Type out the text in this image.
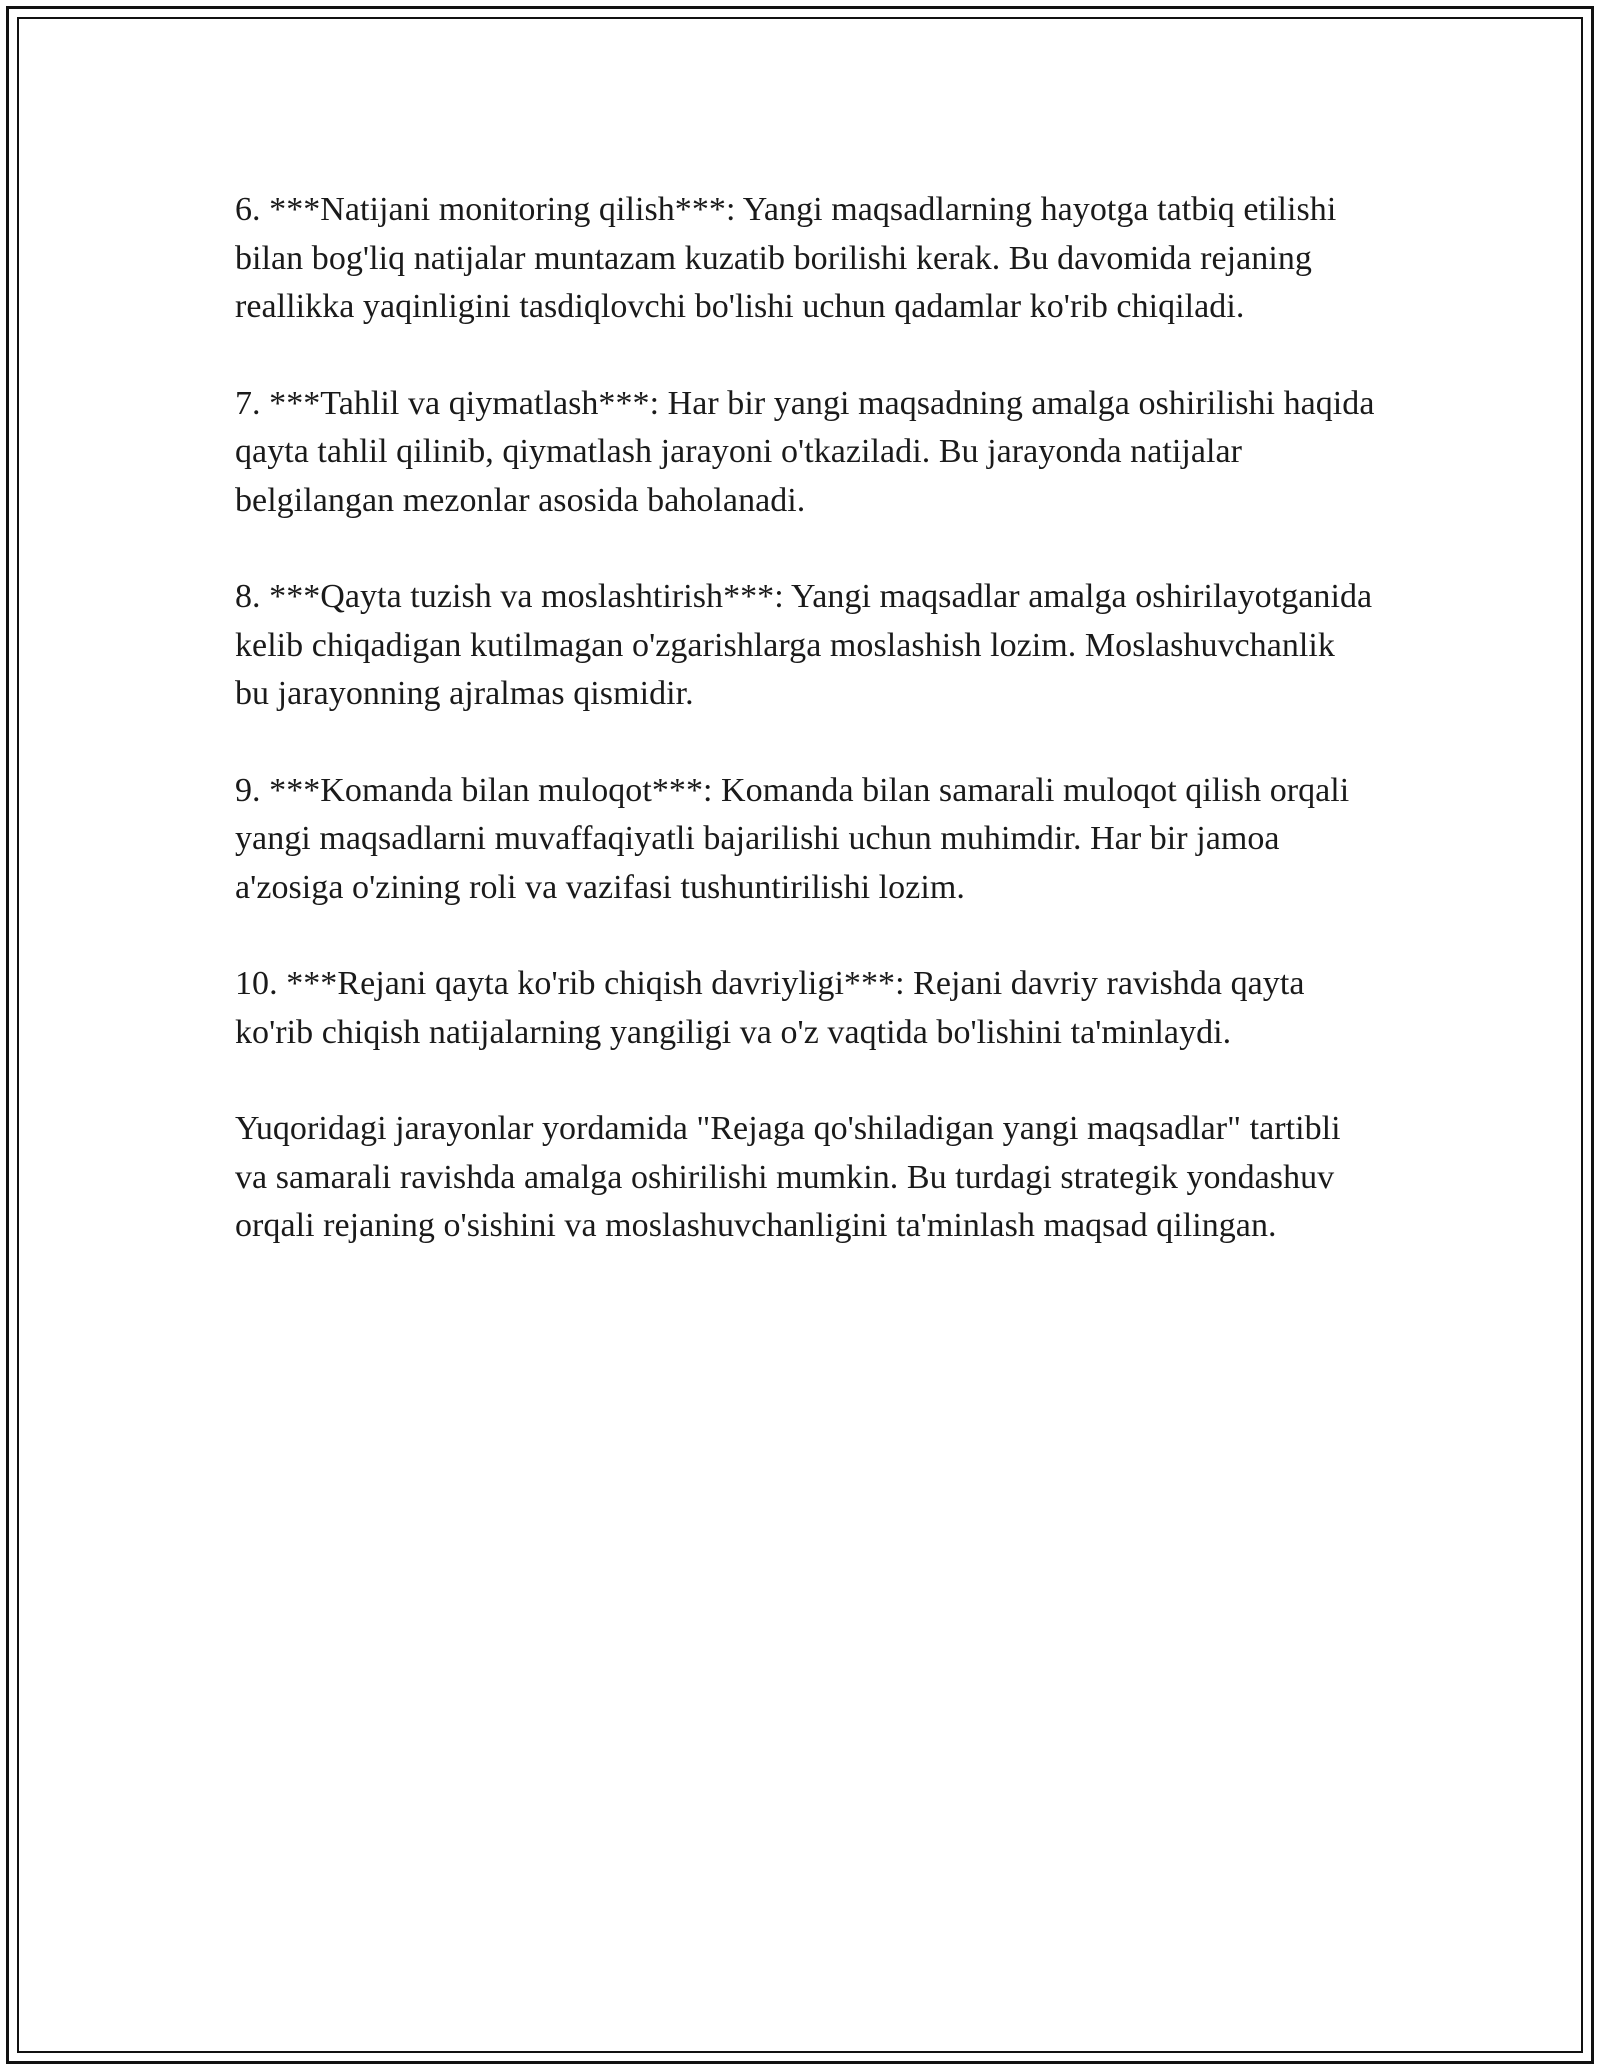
6. ***Natijani monitoring qilish***: Yangi maqsadlarning hayotga tatbiq etilishi bilan bog'liq natijalar muntazam kuzatib borilishi kerak. Bu davomida rejaning reallikka yaqinligini tasdiqlovchi bo'lishi uchun qadamlar ko'rib chiqiladi.

7. ***Tahlil va qiymatlash***: Har bir yangi maqsadning amalga oshirilishi haqida qayta tahlil qilinib, qiymatlash jarayoni o'tkaziladi. Bu jarayonda natijalar belgilangan mezonlar asosida baholanadi.

8. ***Qayta tuzish va moslashtirish***: Yangi maqsadlar amalga oshirilayotganida kelib chiqadigan kutilmagan o'zgarishlarga moslashish lozim. Moslashuvchanlik bu jarayonning ajralmas qismidir.

9. ***Komanda bilan muloqot***: Komanda bilan samarali muloqot qilish orqali yangi maqsadlarni muvaffaqiyatli bajarilishi uchun muhimdir. Har bir jamoa a'zosiga o'zining roli va vazifasi tushuntirilishi lozim.

10. ***Rejani qayta ko'rib chiqish davriyligi***: Rejani davriy ravishda qayta ko'rib chiqish natijalarning yangiligi va o'z vaqtida bo'lishini ta'minlaydi.

Yuqoridagi jarayonlar yordamida "Rejaga qo'shiladigan yangi maqsadlar" tartibli va samarali ravishda amalga oshirilishi mumkin. Bu turdagi strategik yondashuv orqali rejaning o'sishini va moslashuvchanligini ta'minlash maqsad qilingan.
